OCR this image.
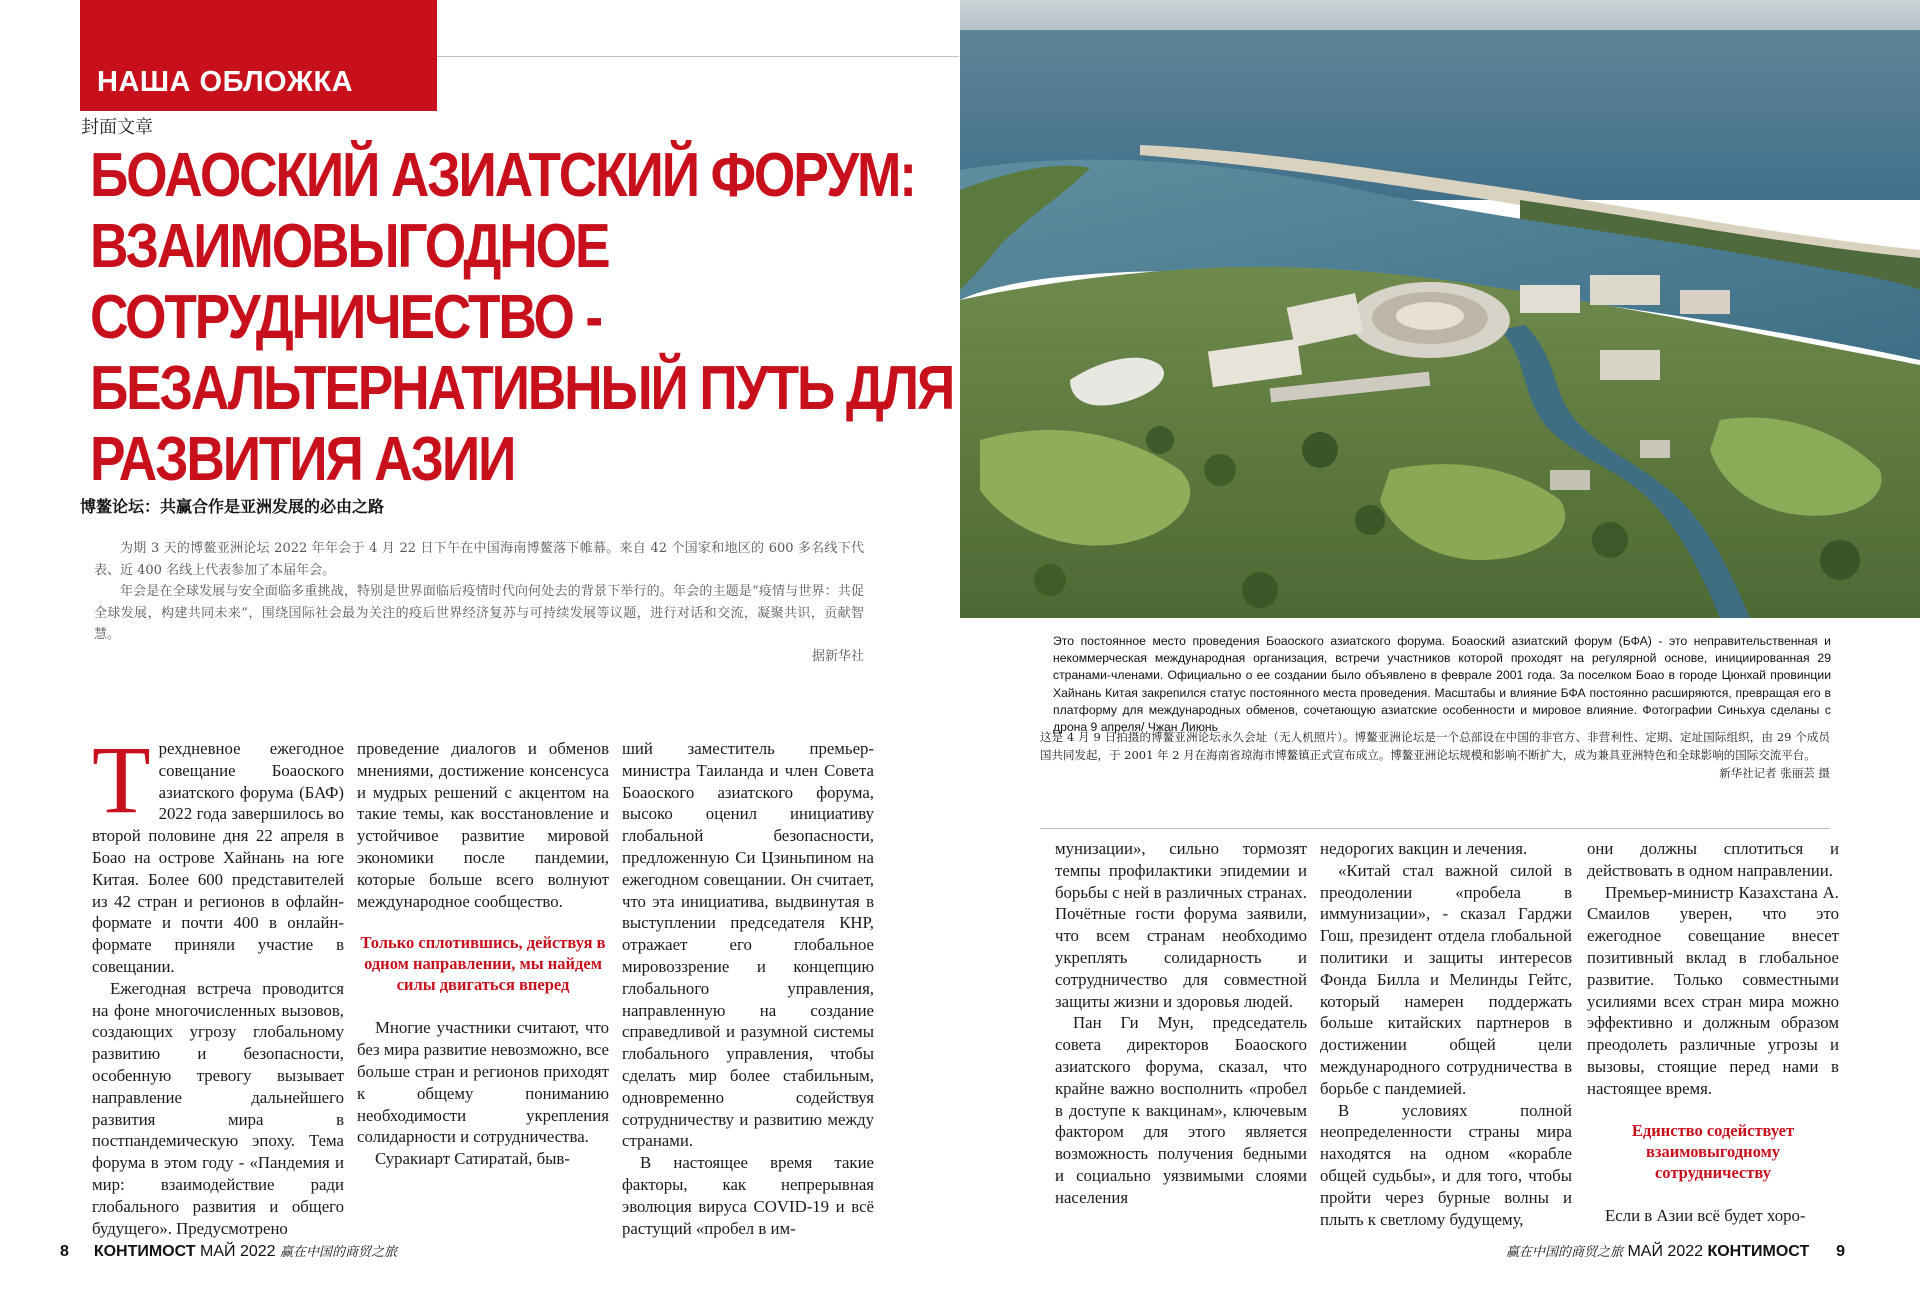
НАША ОБЛОЖКА
封面文章
БОАОСКИЙ АЗИАТСКИЙ ФОРУМ:
ВЗАИМОВЫГОДНОЕ
СОТРУДНИЧЕСТВО -
БЕЗАЛЬТЕРНАТИВНЫЙ ПУТЬ ДЛЯ
РАЗВИТИЯ АЗИИ
博鳌论坛：共赢合作是亚洲发展的必由之路

为期 3 天的博鳌亚洲论坛 2022 年年会于 4 月 22 日下午在中国海南博鳌落下帷幕。来自 42 个国家和地区的 600 多名线下代表、近 400 名线上代表参加了本届年会。

年会是在全球发展与安全面临多重挑战，特别是世界面临后疫情时代向何处去的背景下举行的。年会的主题是“疫情与世界：共促全球发展，构建共同未来”，围绕国际社会最为关注的疫后世界经济复苏与可持续发展等议题，进行对话和交流，凝聚共识，贡献智慧。

据新华社

Трехдневное ежегодное совещание Боаоского азиатского форума (БАФ) 2022 года завершилось во второй половине дня 22 апреля в Боао на острове Хайнань на юге Китая. Более 600 представителей из 42 стран и регионов в офлайн-формате и почти 400 в онлайн-формате приняли участие в совещании.

Ежегодная встреча проводится на фоне многочисленных вызовов, создающих угрозу глобальному развитию и безопасности, особенную тревогу вызывает направление дальнейшего развития мира в постпандемическую эпоху. Тема форума в этом году - «Пандемия и мир: взаимодействие ради глобального развития и общего будущего». Предусмотрено

проведение диалогов и обменов мнениями, достижение консенсуса и мудрых решений с акцентом на такие темы, как восстановление и устойчивое развитие мировой экономики после пандемии, которые больше всего волнуют международное сообщество.

Только сплотившись, действуя в одном направлении, мы найдем силы двигаться вперед

Многие участники считают, что без мира развитие невозможно, все больше стран и регионов приходят к общему пониманию необходимости укрепления солидарности и сотрудничества.

Суракиарт Сатиратай, быв-

ший заместитель премьер-министра Таиланда и член Совета Боаоского азиатского форума, высоко оценил инициативу глобальной безопасности, предложенную Си Цзиньпином на ежегодном совещании. Он считает, что эта инициатива, выдвинутая в выступлении председателя КНР, отражает его глобальное мировоззрение и концепцию глобального управления, направленную на создание справедливой и разумной системы глобального управления, чтобы сделать мир более стабильным, одновременно содействуя сотрудничеству и развитию между странами.

В настоящее время такие факторы, как непрерывная эволюция вируса COVID-19 и всё растущий «пробел в им-

8 КОНТИМОСТ МАЙ 2022 赢在中国的商贸之旅
Это постоянное место проведения Боаоского азиатского форума. Боаоский азиатский форум (БФА) - это неправительственная и некоммерческая международная организация, встречи участников которой проходят на регулярной основе, инициированная 29 странами-членами. Официально о ее создании было объявлено в феврале 2001 года. За поселком Боао в городе Цюнхай провинции Хайнань Китая закрепился статус постоянного места проведения. Масштабы и влияние БФА постоянно расширяются, превращая его в платформу для международных обменов, сочетающую азиатские особенности и мировое влияние. Фотографии Синьхуа сделаны с дрона 9 апреля/ Чжан Лиюнь
这是 4 月 9 日拍摄的博鳌亚洲论坛永久会址（无人机照片）。博鳌亚洲论坛是一个总部设在中国的非官方、非营利性、定期、定址国际组织，由 29 个成员国共同发起，于 2001 年 2 月在海南省琼海市博鳌镇正式宣布成立。博鳌亚洲论坛规模和影响不断扩大，成为兼具亚洲特色和全球影响的国际交流平台。
新华社记者 张丽芸 摄

мунизации», сильно тормозят темпы профилактики эпидемии и борьбы с ней в различных странах. Почётные гости форума заявили, что всем странам необходимо укреплять солидарность и сотрудничество для совместной защиты жизни и здоровья людей.

Пан Ги Мун, председатель совета директоров Боаоского азиатского форума, сказал, что крайне важно восполнить «пробел в доступе к вакцинам», ключевым фактором для этого является возможность получения бедными и социально уязвимыми слоями населения

недорогих вакцин и лечения.

«Китай стал важной силой в преодолении «пробела в иммунизации», - сказал Гарджи Гош, президент отдела глобальной политики и защиты интересов Фонда Билла и Мелинды Гейтс, который намерен поддержать больше китайских партнеров в достижении общей цели международного сотрудничества в борьбе с пандемией.

В условиях полной неопределенности страны мира находятся на одном «корабле общей судьбы», и для того, чтобы пройти через бурные волны и плыть к светлому будущему,

они должны сплотиться и действовать в одном направлении.

Премьер-министр Казахстана А. Смаилов уверен, что это ежегодное совещание внесет позитивный вклад в глобальное развитие. Только совместными усилиями всех стран мира можно эффективно и должным образом преодолеть различные угрозы и вызовы, стоящие перед нами в настоящее время.

Единство содействует взаимовыгодному сотрудничеству

Если в Азии всё будет хоро-

赢在中国的商贸之旅 МАЙ 2022 КОНТИМОСТ 9
